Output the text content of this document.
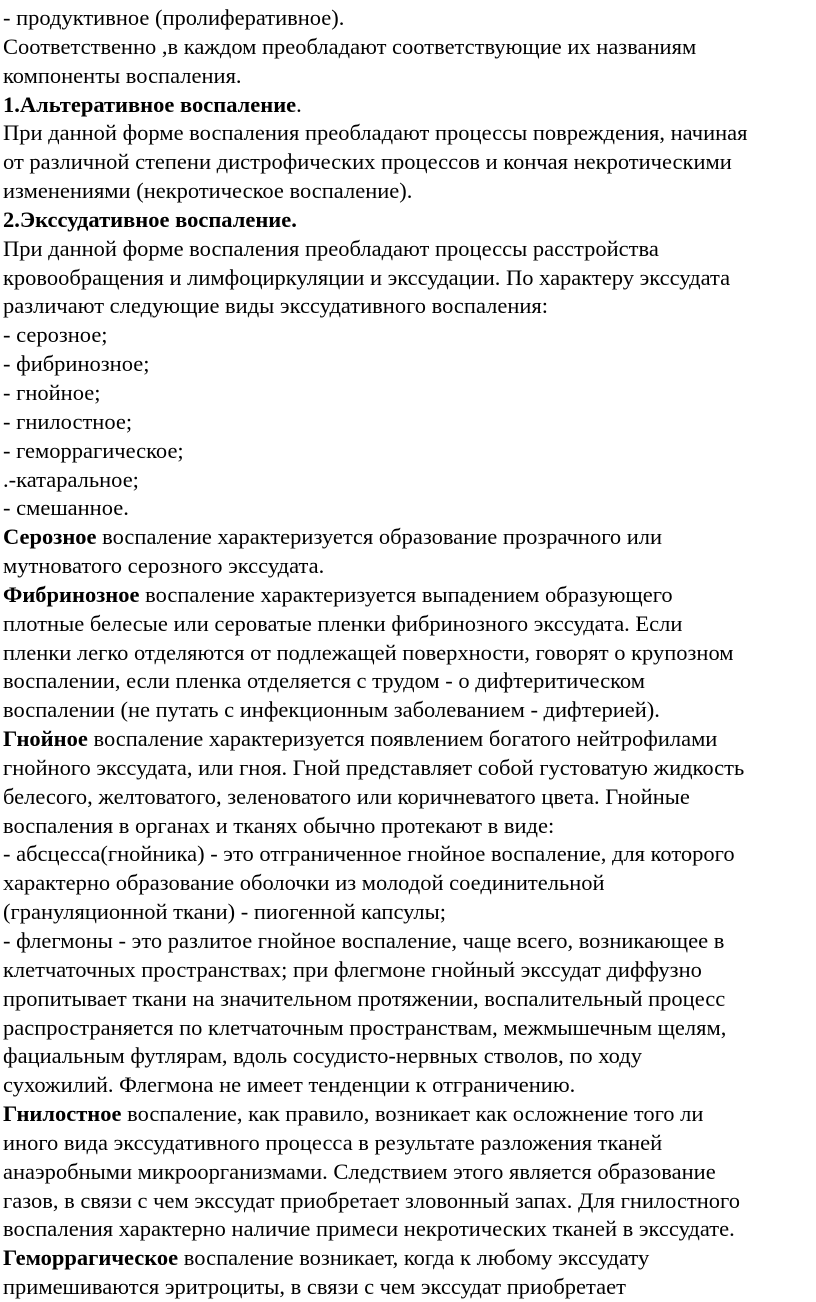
- продуктивное (пролиферативное).
Соответственно ,в каждом преобладают соответствующие их названиям
компоненты воспаления.
1.Альтеративное воспаление.
При данной форме воспаления преобладают процессы повреждения, начиная
от различной степени дистрофических процессов и кончая некротическими
изменениями (некротическое воспаление).
2.Экссудативное воспаление.
При данной форме воспаления преобладают процессы расстройства
кровообращения и лимфоциркуляции и экссудации. По характеру экссудата
различают следующие виды экссудативного воспаления:
- серозное;
- фибринозное;
- гнойное;
- гнилостное;
- геморрагическое;
.-катаральное;
- смешанное.
Серозное воспаление характеризуется образование прозрачного или
мутноватого серозного экссудата.
Фибринозное воспаление характеризуется выпадением образующего
плотные белесые или сероватые пленки фибринозного экссудата. Если
пленки легко отделяются от подлежащей поверхности, говорят о крупозном
воспалении, если пленка отделяется с трудом - о дифтеритическом
воспалении (не путать с инфекционным заболеванием - дифтерией).
Гнойное воспаление характеризуется появлением богатого нейтрофилами
гнойного экссудата, или гноя. Гной представляет собой густоватую жидкость
белесого, желтоватого, зеленоватого или коричневатого цвета. Гнойные
воспаления в органах и тканях обычно протекают в виде:
- абсцесса(гнойника) - это отграниченное гнойное воспаление, для которого
характерно образование оболочки из молодой соединительной
(грануляционной ткани) - пиогенной капсулы;
- флегмоны - это разлитое гнойное воспаление, чаще всего, возникающее в
клетчаточных пространствах; при флегмоне гнойный экссудат диффузно
пропитывает ткани на значительном протяжении, воспалительный процесс
распространяется по клетчаточным пространствам, межмышечным щелям,
фациальным футлярам, вдоль сосудисто-нервных стволов, по ходу
сухожилий. Флегмона не имеет тенденции к отграничению.
Гнилостное воспаление, как правило, возникает как осложнение того ли
иного вида экссудативного процесса в результате разложения тканей
анаэробными микроорганизмами. Следствием этого является образование
газов, в связи с чем экссудат приобретает зловонный запах. Для гнилостного
воспаления характерно наличие примеси некротических тканей в экссудате.
Геморрагическое воспаление возникает, когда к любому экссудату
примешиваются эритроциты, в связи с чем экссудат приобретает
